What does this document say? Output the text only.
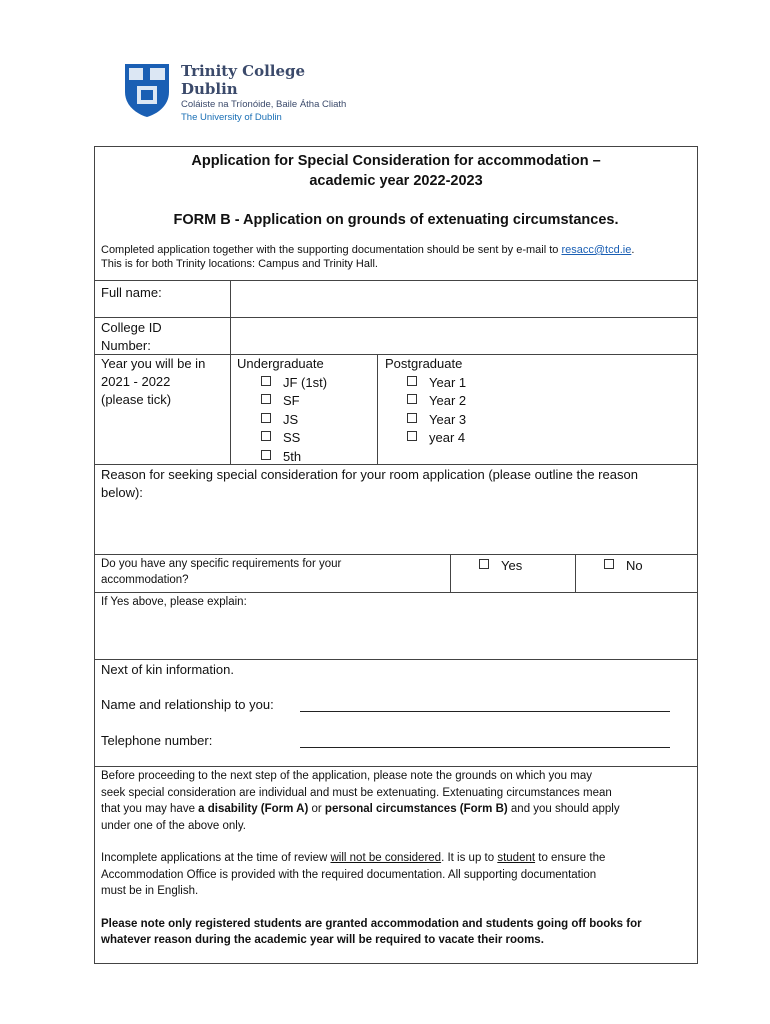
Trinity College Dublin
Coláiste na Tríonóide, Baile Átha Cliath
The University of Dublin
Application for Special Consideration for accommodation –
academic year 2022-2023
FORM B - Application on grounds of extenuating circumstances.
Completed application together with the supporting documentation should be sent by e-mail to resacc@tcd.ie.
This is for both Trinity locations: Campus and Trinity Hall.
Full name:
College ID
Number:
Year you will be in
2021 - 2022
(please tick)
Undergraduate
JF (1st)
SF
JS
SS
5th
Postgraduate
Year 1
Year 2
Year 3
year 4
Reason for seeking special consideration for your room application (please outline the reason
below):
Do you have any specific requirements for your
accommodation?
Yes	No
If Yes above, please explain:
Next of kin information.
Name and relationship to you:
Telephone number:
Before proceeding to the next step of the application, please note the grounds on which you may
seek special consideration are individual and must be extenuating. Extenuating circumstances mean
that you may have a disability (Form A) or personal circumstances (Form B) and you should apply
under one of the above only.
Incomplete applications at the time of review will not be considered. It is up to student to ensure the
Accommodation Office is provided with the required documentation. All supporting documentation
must be in English.
Please note only registered students are granted accommodation and students going off books for
whatever reason during the academic year will be required to vacate their rooms.
